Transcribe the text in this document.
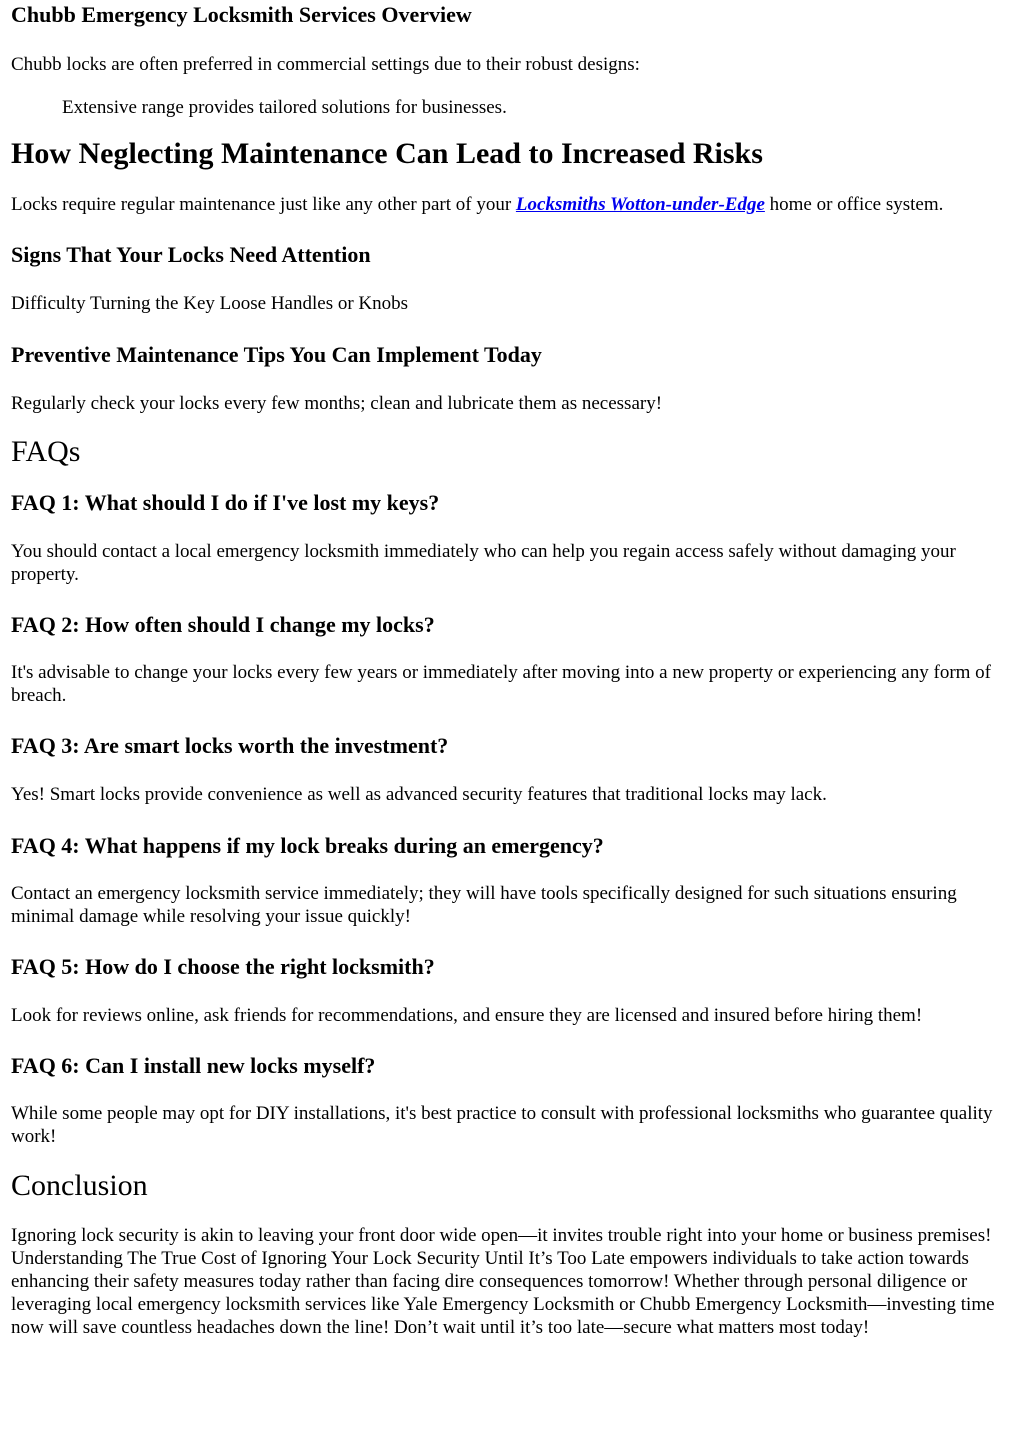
Chubb Emergency Locksmith Services Overview

Chubb locks are often preferred in commercial settings due to their robust designs:

Extensive range provides tailored solutions for businesses.

How Neglecting Maintenance Can Lead to Increased Risks

Locks require regular maintenance just like any other part of your Locksmiths Wotton-under-Edge home or office system.

Signs That Your Locks Need Attention

Difficulty Turning the Key Loose Handles or Knobs

Preventive Maintenance Tips You Can Implement Today

Regularly check your locks every few months; clean and lubricate them as necessary!

FAQs
FAQ 1: What should I do if I've lost my keys?

You should contact a local emergency locksmith immediately who can help you regain access safely without damaging your property.

FAQ 2: How often should I change my locks?

It's advisable to change your locks every few years or immediately after moving into a new property or experiencing any form of breach.

FAQ 3: Are smart locks worth the investment?

Yes! Smart locks provide convenience as well as advanced security features that traditional locks may lack.

FAQ 4: What happens if my lock breaks during an emergency?

Contact an emergency locksmith service immediately; they will have tools specifically designed for such situations ensuring minimal damage while resolving your issue quickly!

FAQ 5: How do I choose the right locksmith?

Look for reviews online, ask friends for recommendations, and ensure they are licensed and insured before hiring them!

FAQ 6: Can I install new locks myself?

While some people may opt for DIY installations, it's best practice to consult with professional locksmiths who guarantee quality work!

Conclusion

Ignoring lock security is akin to leaving your front door wide open—it invites trouble right into your home or business premises! Understanding The True Cost of Ignoring Your Lock Security Until It’s Too Late empowers individuals to take action towards enhancing their safety measures today rather than facing dire consequences tomorrow! Whether through personal diligence or leveraging local emergency locksmith services like Yale Emergency Locksmith or Chubb Emergency Locksmith—investing time now will save countless headaches down the line! Don’t wait until it’s too late—secure what matters most today!
